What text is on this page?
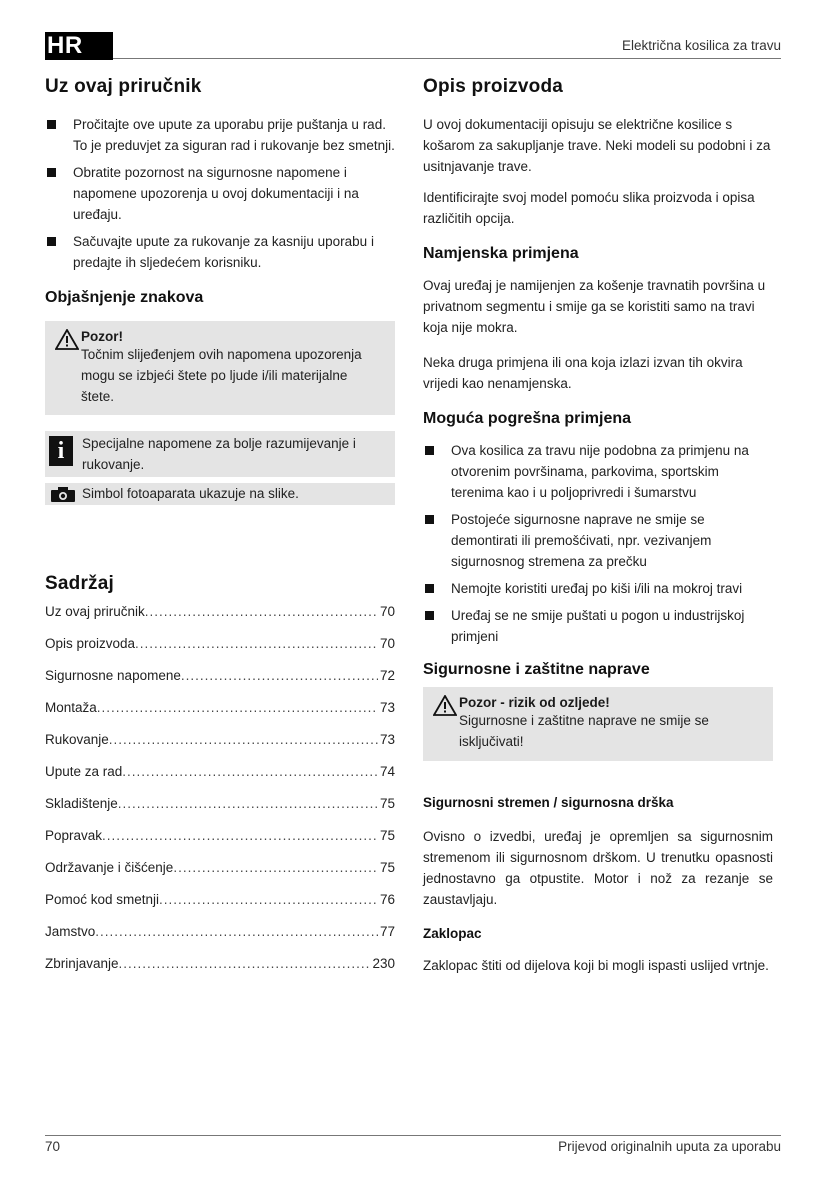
HR	Električna kosilica za travu
Uz ovaj priručnik
Pročitajte ove upute za uporabu prije puštanja u rad. To je preduvjet za siguran rad i rukovanje bez smetnji.
Obratite pozornost na sigurnosne napomene i napomene upozorenja u ovoj dokumentaciji i na uređaju.
Sačuvajte upute za rukovanje za kasniju uporabu i predajte ih sljedećem korisniku.
Objašnjenje znakova
Pozor!
Točnim slijeđenjem ovih napomena upozorenja mogu se izbjeći štete po ljude i/ili materijalne štete.
i	Specijalne napomene za bolje razumijevanje i rukovanje.
Simbol fotoaparata ukazuje na slike.
Sadržaj
Uz ovaj priručnik .....	70
Opis proizvoda .....	70
Sigurnosne napomene .....	72
Montaža .....	73
Rukovanje .....	73
Upute za rad .....	74
Skladištenje .....	75
Popravak .....	75
Održavanje i čišćenje .....	75
Pomoć kod smetnji .....	76
Jamstvo .....	77
Zbrinjavanje .....	230
Opis proizvoda

U ovoj dokumentaciji opisuju se električne kosilice s košarom za sakupljanje trave. Neki modeli su podobni i za usitnjavanje trave.

Identificirajte svoj model pomoću slika proizvoda i opisa različitih opcija.

Namjenska primjena

Ovaj uređaj je namijenjen za košenje travnatih površina u privatnom segmentu i smije ga se koristiti samo na travi koja nije mokra.

Neka druga primjena ili ona koja izlazi izvan tih okvira vrijedi kao nenamjenska.

Moguća pogrešna primjena
Ova kosilica za travu nije podobna za primjenu na otvorenim površinama, parkovima, sportskim terenima kao i u poljoprivredi i šumarstvu
Postojeće sigurnosne naprave ne smije se demontirati ili premošćivati, npr. vezivanjem sigurnosnog stremena za prečku
Nemojte koristiti uređaj po kiši i/ili na mokroj travi
Uređaj se ne smije puštati u pogon u industrijskoj primjeni
Sigurnosne i zaštitne naprave
Pozor - rizik od ozljede!
Sigurnosne i zaštitne naprave ne smije se isključivati!
Sigurnosni stremen / sigurnosna drška

Ovisno o izvedbi, uređaj je opremljen sa sigurnosnim stremenom ili sigurnosnom drškom. U trenutku opasnosti jednostavno ga otpustite. Motor i nož za rezanje se zaustavljaju.

Zaklopac

Zaklopac štiti od dijelova koji bi mogli ispasti uslijed vrtnje.

70	Prijevod originalnih uputa za uporabu
